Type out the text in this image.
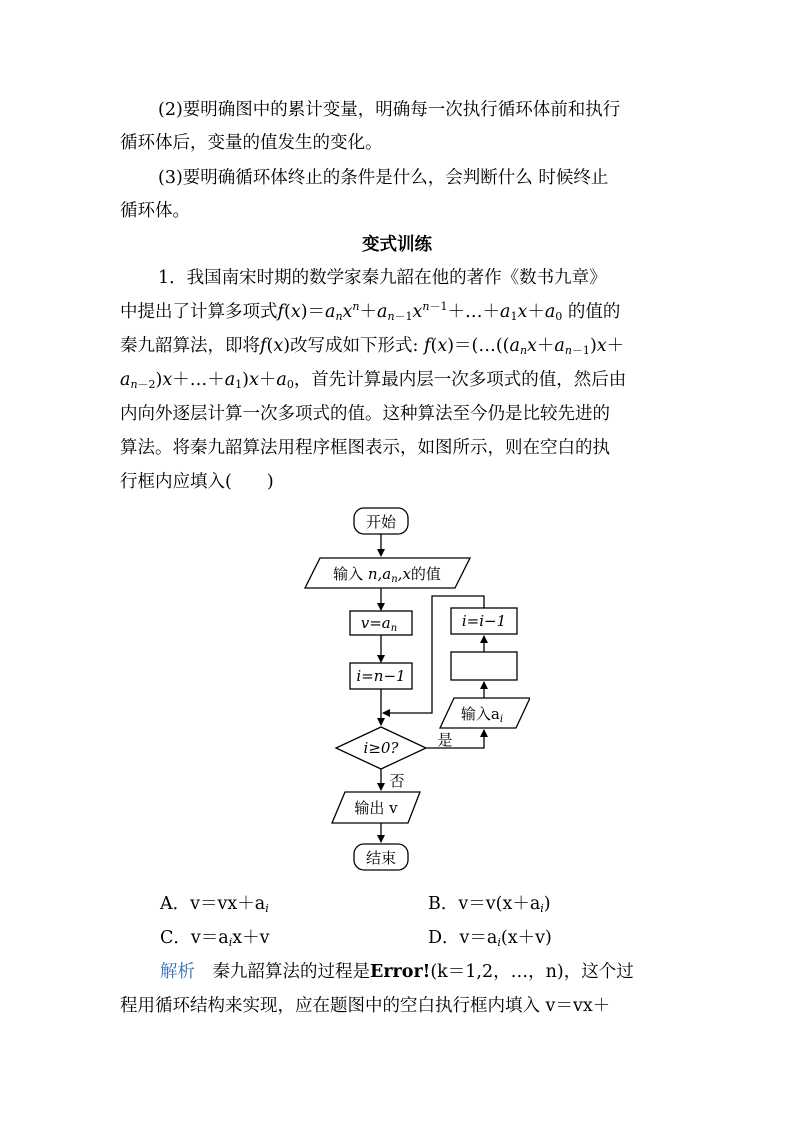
(2)要明确图中的累计变量，明确每一次执行循环体前和执行
循环体后，变量的值发生的变化。
(3)要明确循环体终止的条件是什么，会判断什么 时候终止
循环体。
变式训练
1．我国南宋时期的数学家秦九韶在他的著作《数书九章》
中提出了计算多项式$f(x)=a_nx^n+a_{n-1}x^{n-1}+\dots+a_1x+a_0$ 的值的
秦九韶算法，即将f(x)改写成如下形式: $f(x)=(\dots((a_nx+a_{n-1})x+$
$a_{n-2})x+\dots+a_1)x+a_0$，首先计算最内层一次多项式的值，然后由
内向外逐层计算一次多项式的值。这种算法至今仍是比较先进的
算法。将秦九韶算法用程序框图表示，如图所示，则在空白的执
行框内应填入(　　)
开始
输入 $n,a_n,x$的值
$v=a_n$
i=n−1
i=i−1
输入$a_i$
i≥0?	是
否
输出 v
结束
A．$v=vx+a_i$	B．$v=v(x+a_i)$
C．$v=a_ix+v$	D．$v=a_i(x+v)$
解析　秦九韶算法的过程是Error!(k＝1,2，…，n)，这个过
程用循环结构来实现，应在题图中的空白执行框内填入 v＝vx＋
